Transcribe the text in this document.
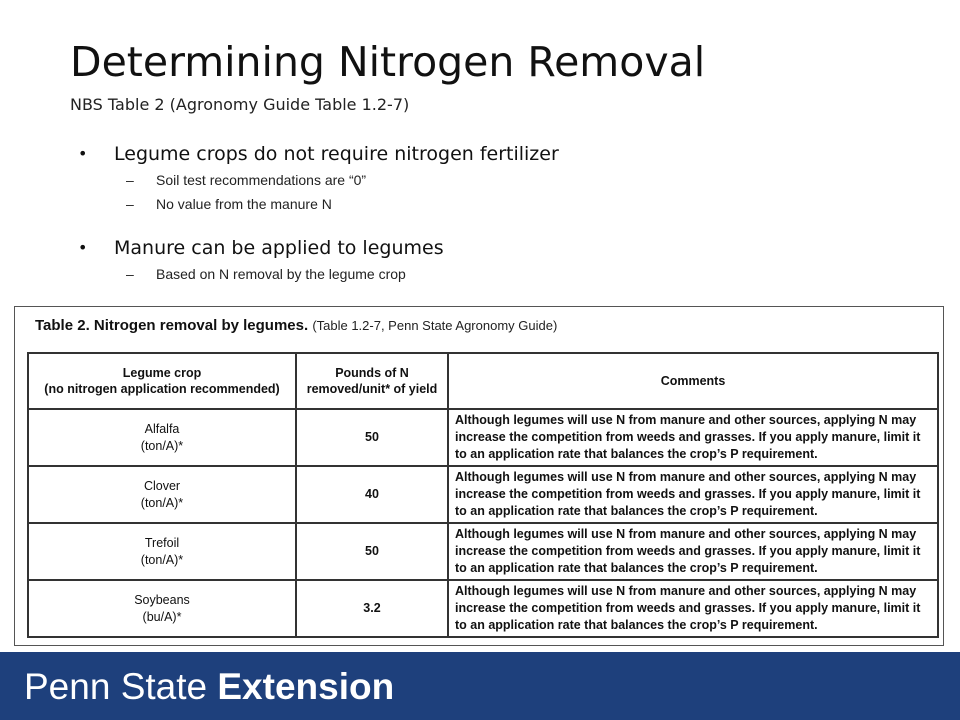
Determining Nitrogen Removal
NBS Table 2 (Agronomy Guide Table 1.2-7)
• Legume crops do not require nitrogen fertilizer
– Soil test recommendations are “0”
– No value from the manure N
• Manure can be applied to legumes
– Based on N removal by the legume crop
Table 2. Nitrogen removal by legumes. (Table 1.2-7, Penn State Agronomy Guide)
Legume crop
(no nitrogen application recommended)	Pounds of N removed/unit* of yield	Comments
Alfalfa
(ton/A)*	50	Although legumes will use N from manure and other sources, applying N may increase the competition from weeds and grasses. If you apply manure, limit it to an application rate that balances the crop’s P requirement.
Clover
(ton/A)*	40	Although legumes will use N from manure and other sources, applying N may increase the competition from weeds and grasses. If you apply manure, limit it to an application rate that balances the crop’s P requirement.
Trefoil
(ton/A)*	50	Although legumes will use N from manure and other sources, applying N may increase the competition from weeds and grasses. If you apply manure, limit it to an application rate that balances the crop’s P requirement.
Soybeans
(bu/A)*	3.2	Although legumes will use N from manure and other sources, applying N may increase the competition from weeds and grasses. If you apply manure, limit it to an application rate that balances the crop’s P requirement.
Penn State Extension
